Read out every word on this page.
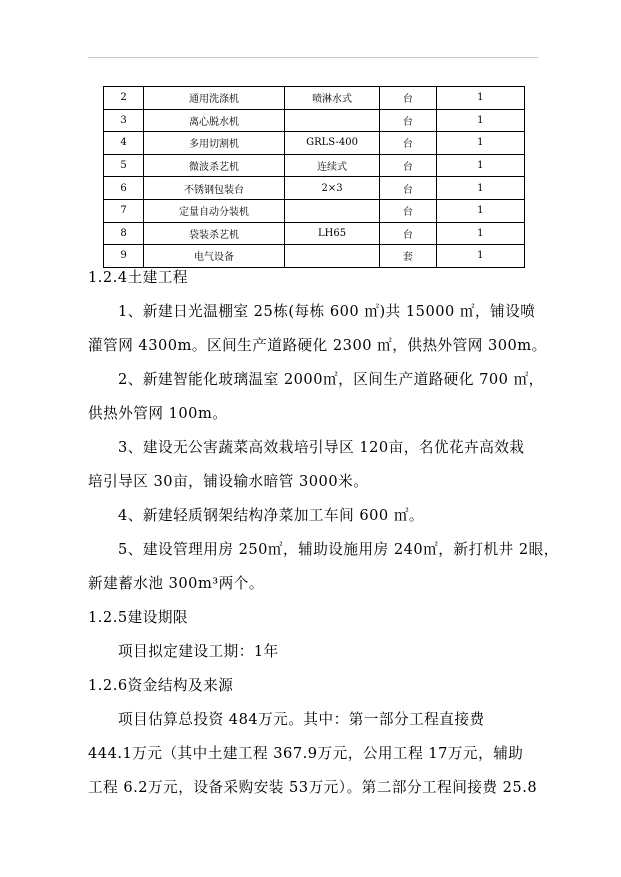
2	通用洗涤机	喷淋水式	台	1
3	离心脱水机		台	1
4	多用切割机	GRLS-400	台	1
5	微波杀艺机	连续式	台	1
6	不锈钢包装台	2×3	台	1
7	定量自动分装机		台	1
8	袋装杀艺机	LH65	台	1
9	电气设备		套	1
1.2.4土建工程
1、新建日光温棚室 25栋(每栋 600 ㎡)共 15000 ㎡，铺设喷
灌管网 4300m。区间生产道路硬化 2300 ㎡，供热外管网 300m。
2、新建智能化玻璃温室 2000㎡，区间生产道路硬化 700 ㎡，
供热外管网 100m。
3、建设无公害蔬菜高效栽培引导区 120亩，名优花卉高效栽
培引导区 30亩，铺设输水暗管 3000米。
4、新建轻质钢架结构净菜加工车间 600 ㎡。
5、建设管理用房 250㎡，辅助设施用房 240㎡，新打机井 2眼，
新建蓄水池 300m³两个。
1.2.5建设期限
项目拟定建设工期：1年
1.2.6资金结构及来源
项目估算总投资 484万元。其中：第一部分工程直接费
444.1万元（其中土建工程 367.9万元，公用工程 17万元，辅助
工程 6.2万元，设备采购安装 53万元）。第二部分工程间接费 25.8
